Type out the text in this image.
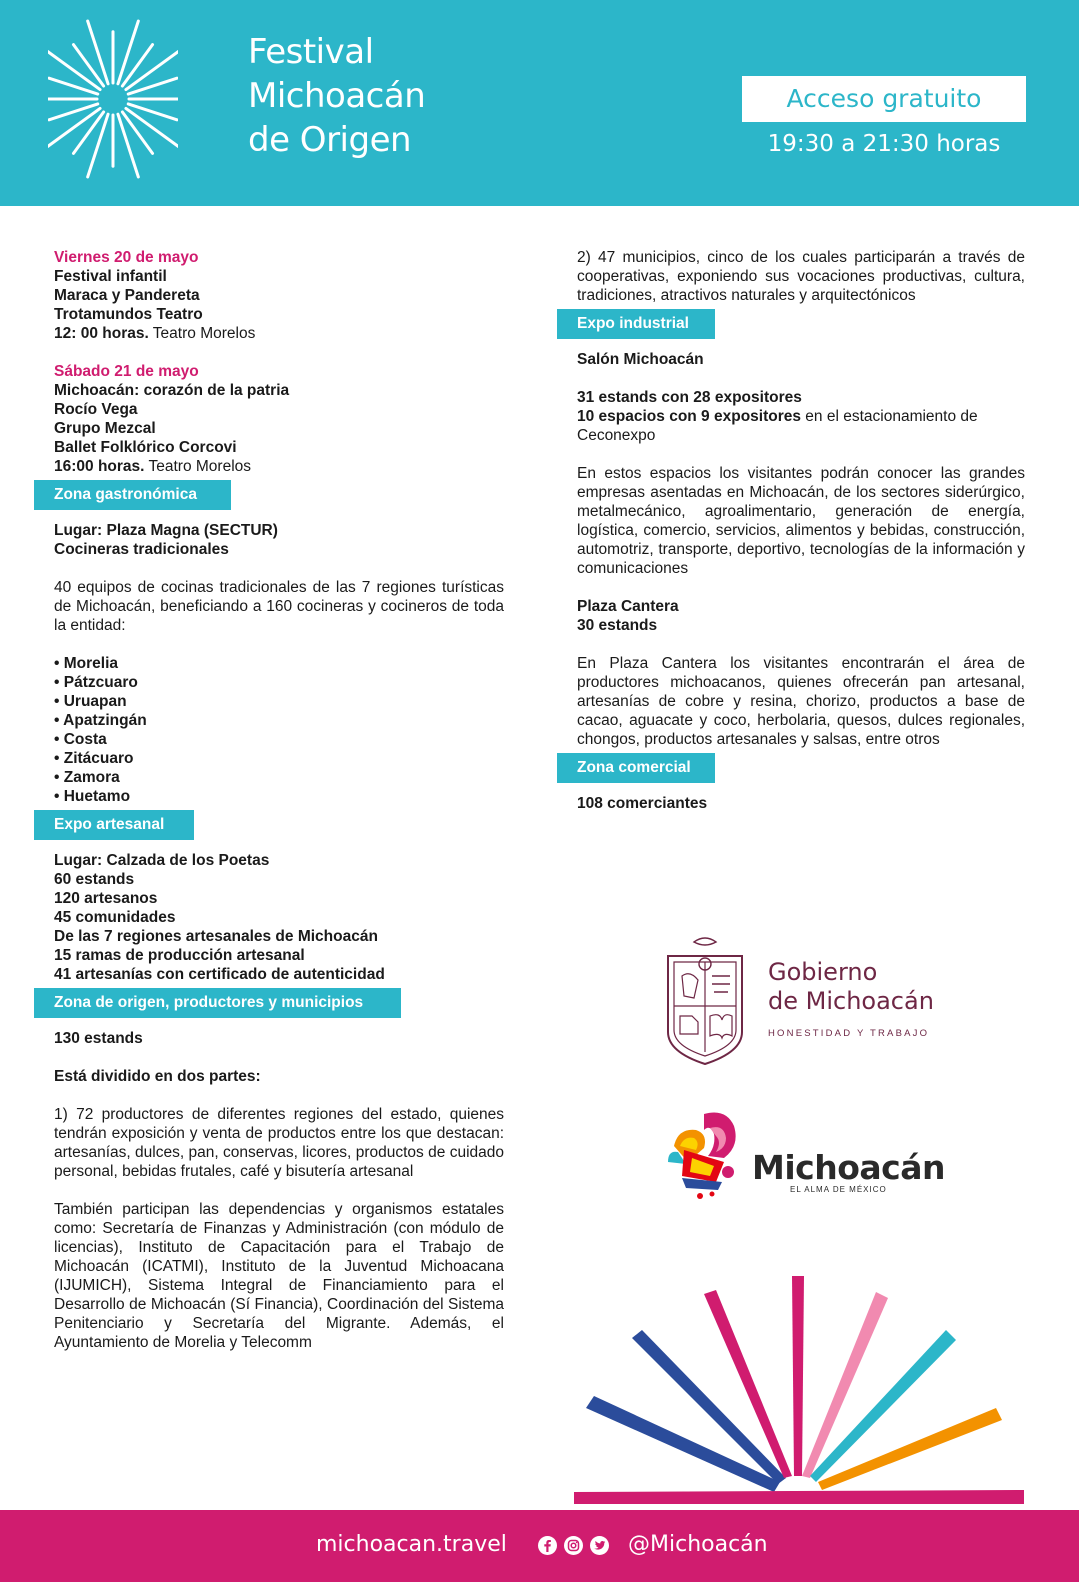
Festival
Michoacán
de Origen
Acceso gratuito
19:30 a 21:30 horas

Viernes 20 de mayo

Festival infantil

Maraca y Pandereta

Trotamundos Teatro

12: 00 horas. Teatro Morelos

Sábado 21 de mayo

Michoacán: corazón de la patria

Rocío Vega

Grupo Mezcal

Ballet Folklórico Corcovi

16:00 horas. Teatro Morelos

Zona gastronómica

Lugar: Plaza Magna (SECTUR)

Cocineras tradicionales

40 equipos de cocinas tradicionales de las 7 regiones turísticas de Michoacán, beneficiando a 160 cocineras y cocineros de toda la entidad:

• Morelia
• Pátzcuaro
• Uruapan
• Apatzingán
• Costa
• Zitácuaro
• Zamora
• Huetamo
Expo artesanal

Lugar: Calzada de los Poetas

60 estands

120 artesanos

45 comunidades

De las 7 regiones artesanales de Michoacán

15 ramas de producción artesanal

41 artesanías con certificado de autenticidad

Zona de origen, productores y municipios

130 estands

Está dividido en dos partes:

1) 72 productores de diferentes regiones del estado, quienes tendrán exposición y venta de productos entre los que destacan: artesanías, dulces, pan, conservas, licores, productos de cuidado personal, bebidas frutales, café y bisutería artesanal

También participan las dependencias y organismos estatales como: Secretaría de Finanzas y Administración (con módulo de licencias), Instituto de Capacitación para el Trabajo de Michoacán (ICATMI), Instituto de la Juventud Michoacana (IJUMICH), Sistema Integral de Financiamiento para el Desarrollo de Michoacán (Sí Financia), Coordinación del Sistema Penitenciario y Secretaría del Migrante. Además, el Ayuntamiento de Morelia y Telecomm

2) 47 municipios, cinco de los cuales participarán a través de cooperativas, exponiendo sus vocaciones productivas, cultura, tradiciones, atractivos naturales y arquitectónicos

Expo industrial

Salón Michoacán

31 estands con 28 expositores

10 espacios con 9 expositores en el estacionamiento de Ceconexpo

En estos espacios los visitantes podrán conocer las grandes empresas asentadas en Michoacán, de los sectores siderúrgico, metalmecánico, agroalimentario, generación de energía, logística, comercio, servicios, alimentos y bebidas, construcción, automotriz, transporte, deportivo, tecnologías de la información y comunicaciones

Plaza Cantera

30 estands

En Plaza Cantera los visitantes encontrarán el área de productores michoacanos, quienes ofrecerán pan artesanal, artesanías de cobre y resina, chorizo, productos a base de cacao, aguacate y coco, herbolaria, quesos, dulces regionales, chongos, productos artesanales y salsas, entre otros

Zona comercial

108 comerciantes

Gobierno
de Michoacán
HONESTIDAD Y TRABAJO
Michoacán
EL ALMA DE MÉXICO
michoacan.travel	@Michoacán
